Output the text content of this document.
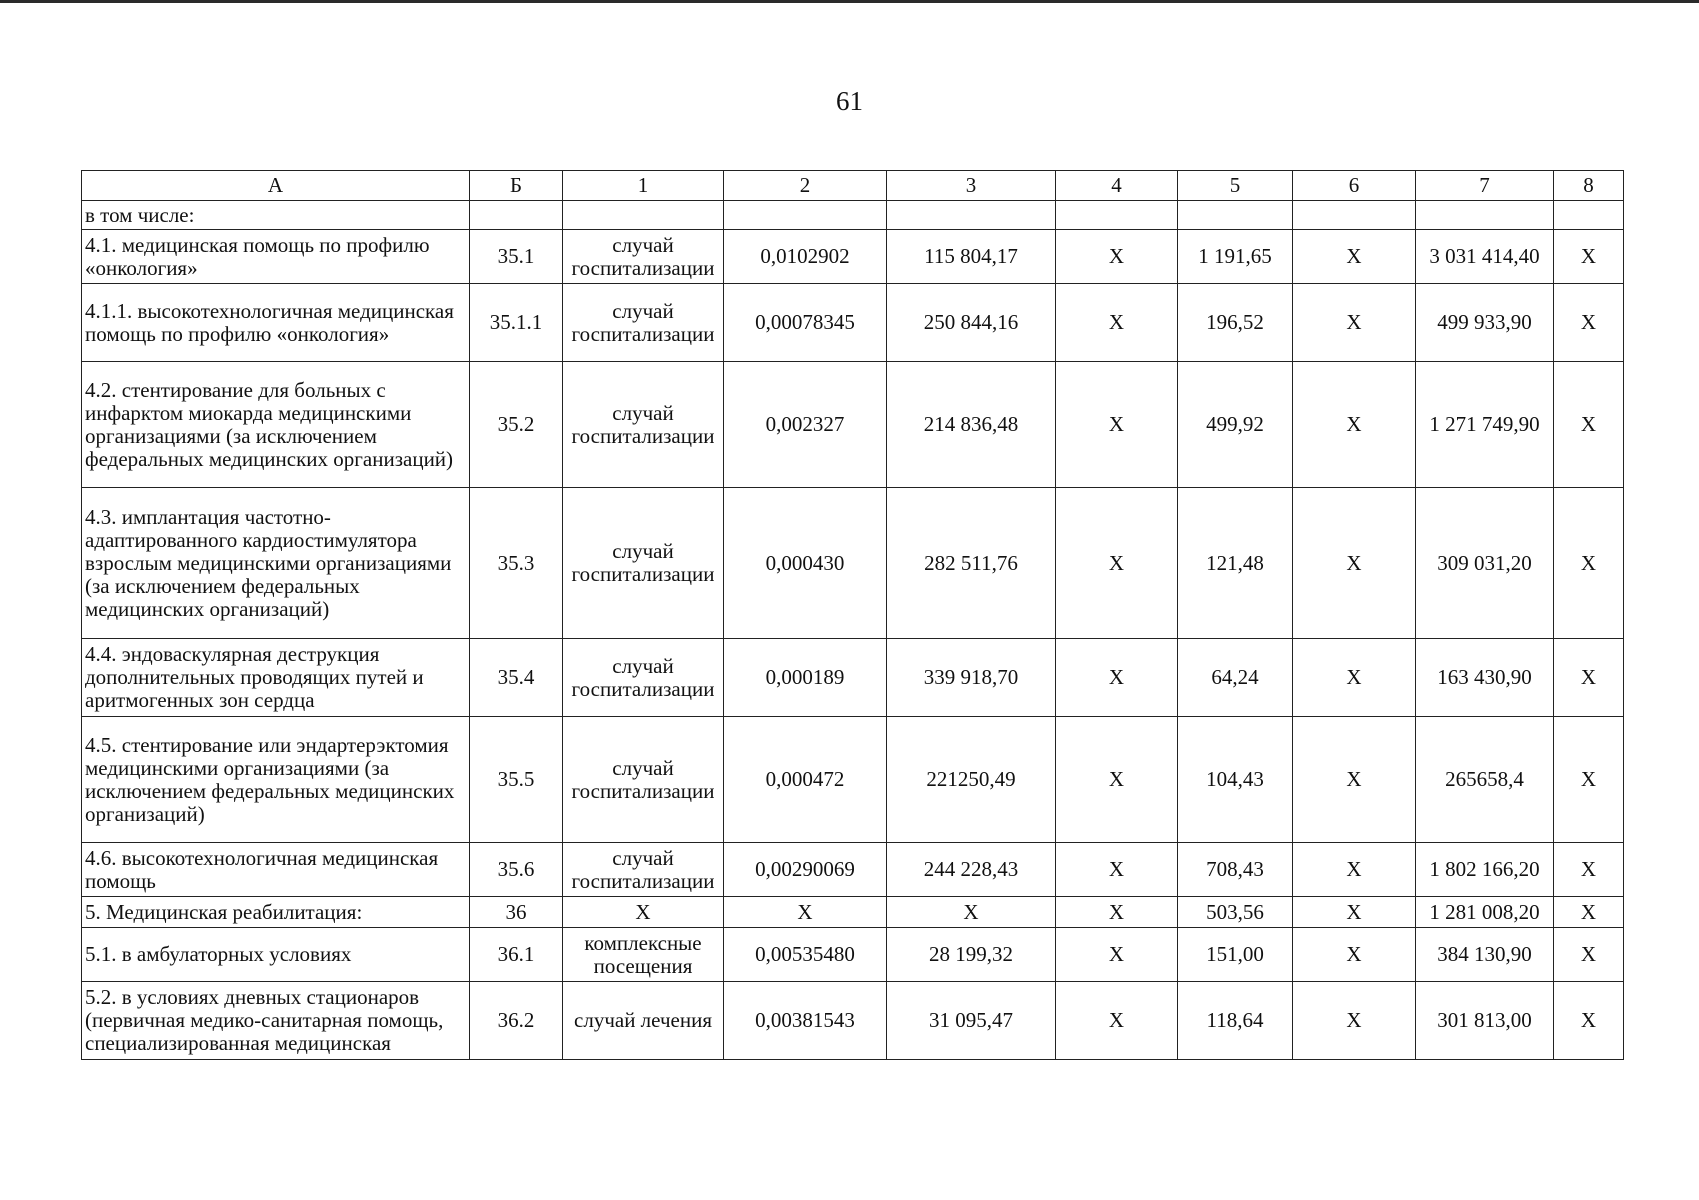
61
А	Б	1	2	3	4	5	6	7	8
в том числе:									
4.1. медицинская помощь по профилю «онкология»	35.1	случай госпитализации	0,0102902	115 804,17	X	1 191,65	X	3 031 414,40	X
4.1.1. высокотехнологичная медицинская помощь по профилю «онкология»	35.1.1	случай госпитализации	0,00078345	250 844,16	X	196,52	X	499 933,90	X
4.2. стентирование для больных с инфарктом миокарда медицинскими организациями (за исключением федеральных медицинских организаций)	35.2	случай госпитализации	0,002327	214 836,48	X	499,92	X	1 271 749,90	X
4.3. имплантация частотно-адаптированного кардиостимулятора взрослым медицинскими организациями (за исключением федеральных медицинских организаций)	35.3	случай госпитализации	0,000430	282 511,76	X	121,48	X	309 031,20	X
4.4. эндоваскулярная деструкция дополнительных проводящих путей и аритмогенных зон сердца	35.4	случай госпитализации	0,000189	339 918,70	X	64,24	X	163 430,90	X
4.5. стентирование или эндартерэктомия медицинскими организациями (за исключением федеральных медицинских организаций)	35.5	случай госпитализации	0,000472	221250,49	X	104,43	X	265658,4	X
4.6. высокотехнологичная медицинская помощь	35.6	случай госпитализации	0,00290069	244 228,43	X	708,43	X	1 802 166,20	X
5. Медицинская реабилитация:	36	X	X	X	X	503,56	X	1 281 008,20	X
5.1. в амбулаторных условиях	36.1	комплексные посещения	0,00535480	28 199,32	X	151,00	X	384 130,90	X
5.2. в условиях дневных стационаров (первичная медико-санитарная помощь, специализированная медицинская	36.2	случай лечения	0,00381543	31 095,47	X	118,64	X	301 813,00	X
